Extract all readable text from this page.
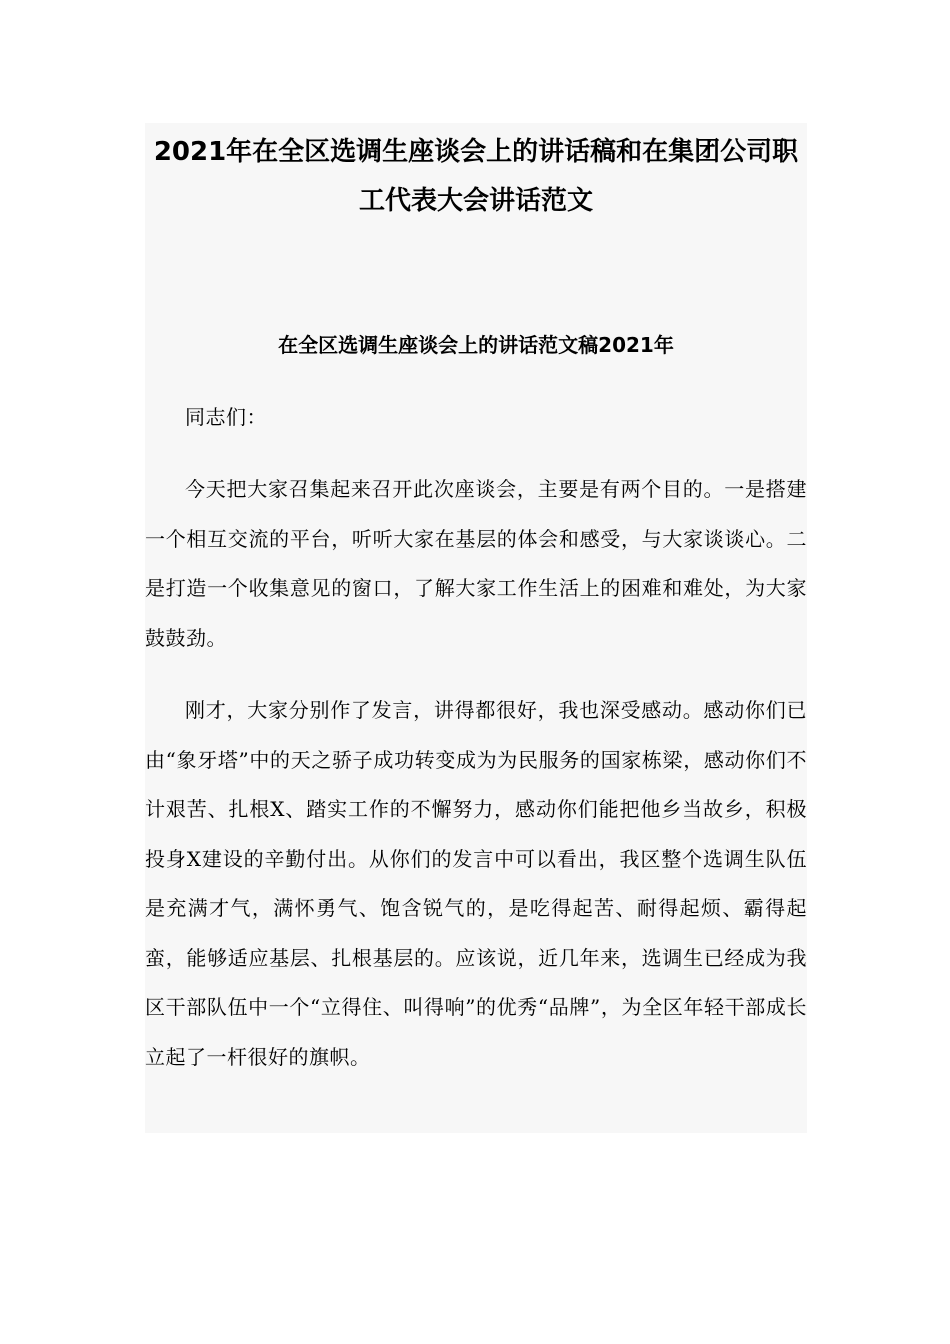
2021年在全区选调生座谈会上的讲话稿和在集团公司职工代表大会讲话范文
在全区选调生座谈会上的讲话范文稿2021年

同志们：

今天把大家召集起来召开此次座谈会，主要是有两个目的。一是搭建一个相互交流的平台，听听大家在基层的体会和感受，与大家谈谈心。二是打造一个收集意见的窗口，了解大家工作生活上的困难和难处，为大家鼓鼓劲。

刚才，大家分别作了发言，讲得都很好，我也深受感动。感动你们已由“象牙塔”中的天之骄子成功转变成为为民服务的国家栋梁，感动你们不计艰苦、扎根X、踏实工作的不懈努力，感动你们能把他乡当故乡，积极投身X建设的辛勤付出。从你们的发言中可以看出，我区整个选调生队伍是充满才气，满怀勇气、饱含锐气的，是吃得起苦、耐得起烦、霸得起蛮，能够适应基层、扎根基层的。应该说，近几年来，选调生已经成为我区干部队伍中一个“立得住、叫得响”的优秀“品牌”，为全区年轻干部成长立起了一杆很好的旗帜。
